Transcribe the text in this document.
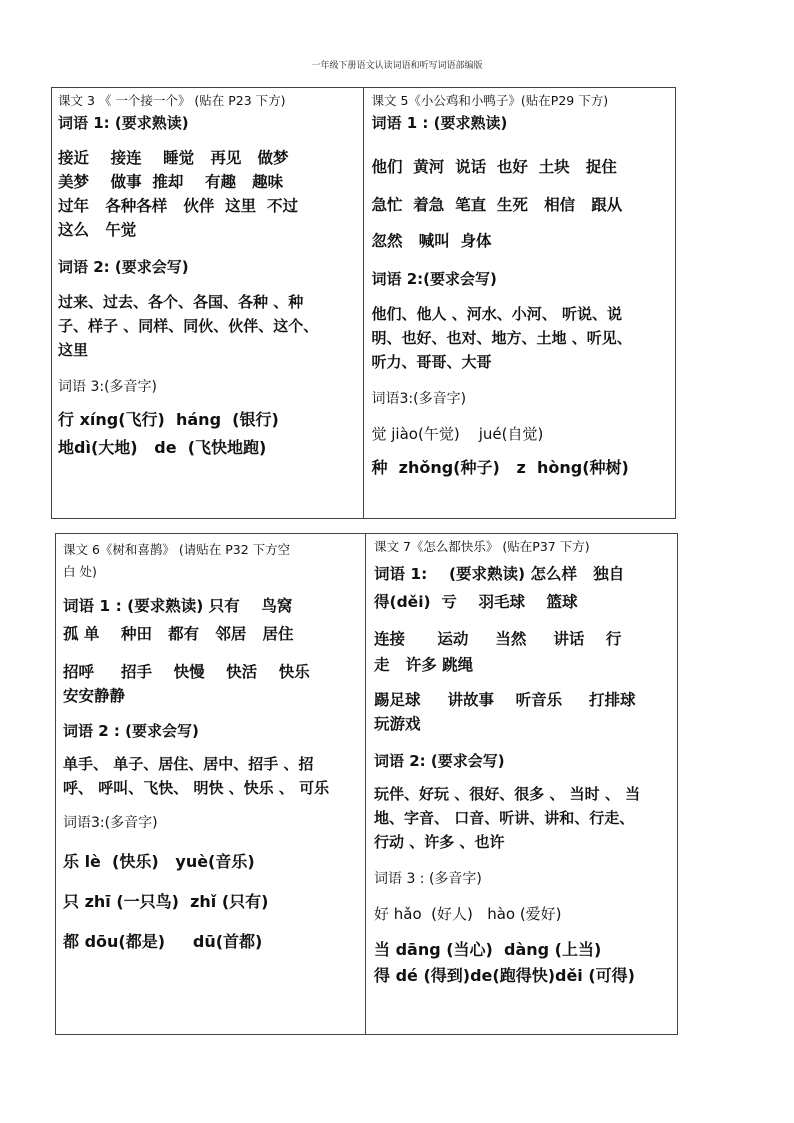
一年级下册语文认读词语和听写词语部编版

课文 3 《 一个接一个》 (贴在 P23 下方)

词语 1: (要求熟读)

接近    接连    睡觉   再见   做梦

美梦    做事  推却    有趣   趣味

过年   各种各样   伙伴  这里  不过

这么   午觉

词语 2: (要求会写)

过来、过去、各个、各国、各种 、种

子、样子 、同样、同伙、伙伴、这个、

这里

词语 3:(多音字)

行 xíng(飞行)  háng  (银行)

地dì(大地)   de  (飞快地跑)

课文 5《小公鸡和小鸭子》(贴在P29 下方)

词语 1 : (要求熟读)

他们  黄河  说话  也好  土块   捉住

急忙  着急  笔直  生死   相信   跟从

忽然   喊叫  身体

词语 2:(要求会写)

他们、他人 、河水、小河、 听说、说

明、也好、也对、地方、土地 、听见、

听力、哥哥、大哥

词语3:(多音字)

觉 jiào(午觉)    jué(自觉)

种  zhǒng(种子)   z  hòng(种树)

课文 6《树和喜鹊》 (请贴在 P32 下方空

白 处)

词语 1 : (要求熟读) 只有    鸟窝

孤 单    种田   都有   邻居   居住

招呼     招手    快慢    快活    快乐

安安静静

词语 2 : (要求会写)

单手、 单子、居住、居中、招手 、招

呼、 呼叫、飞快、 明快 、快乐 、 可乐

词语3:(多音字)

乐 lè  (快乐)   yuè(音乐)

只 zhī (一只鸟)  zhǐ (只有)

都 dōu(都是)     dū(首都)

课文 7《怎么都快乐》 (贴在P37 下方)

词语 1:    (要求熟读) 怎么样   独自

得(děi)  亏    羽毛球    篮球

连接      运动     当然     讲话    行

走   许多 跳绳

踢足球     讲故事    听音乐     打排球

玩游戏

词语 2: (要求会写)

玩伴、好玩 、很好、很多 、 当时 、 当

地、字音、 口音、听讲、讲和、行走、

行动 、许多 、也许

词语 3 : (多音字)

好 hǎo  (好人)   hào (爱好)

当 dāng (当心)  dàng (上当)

得 dé (得到)de(跑得快)děi (可得)
